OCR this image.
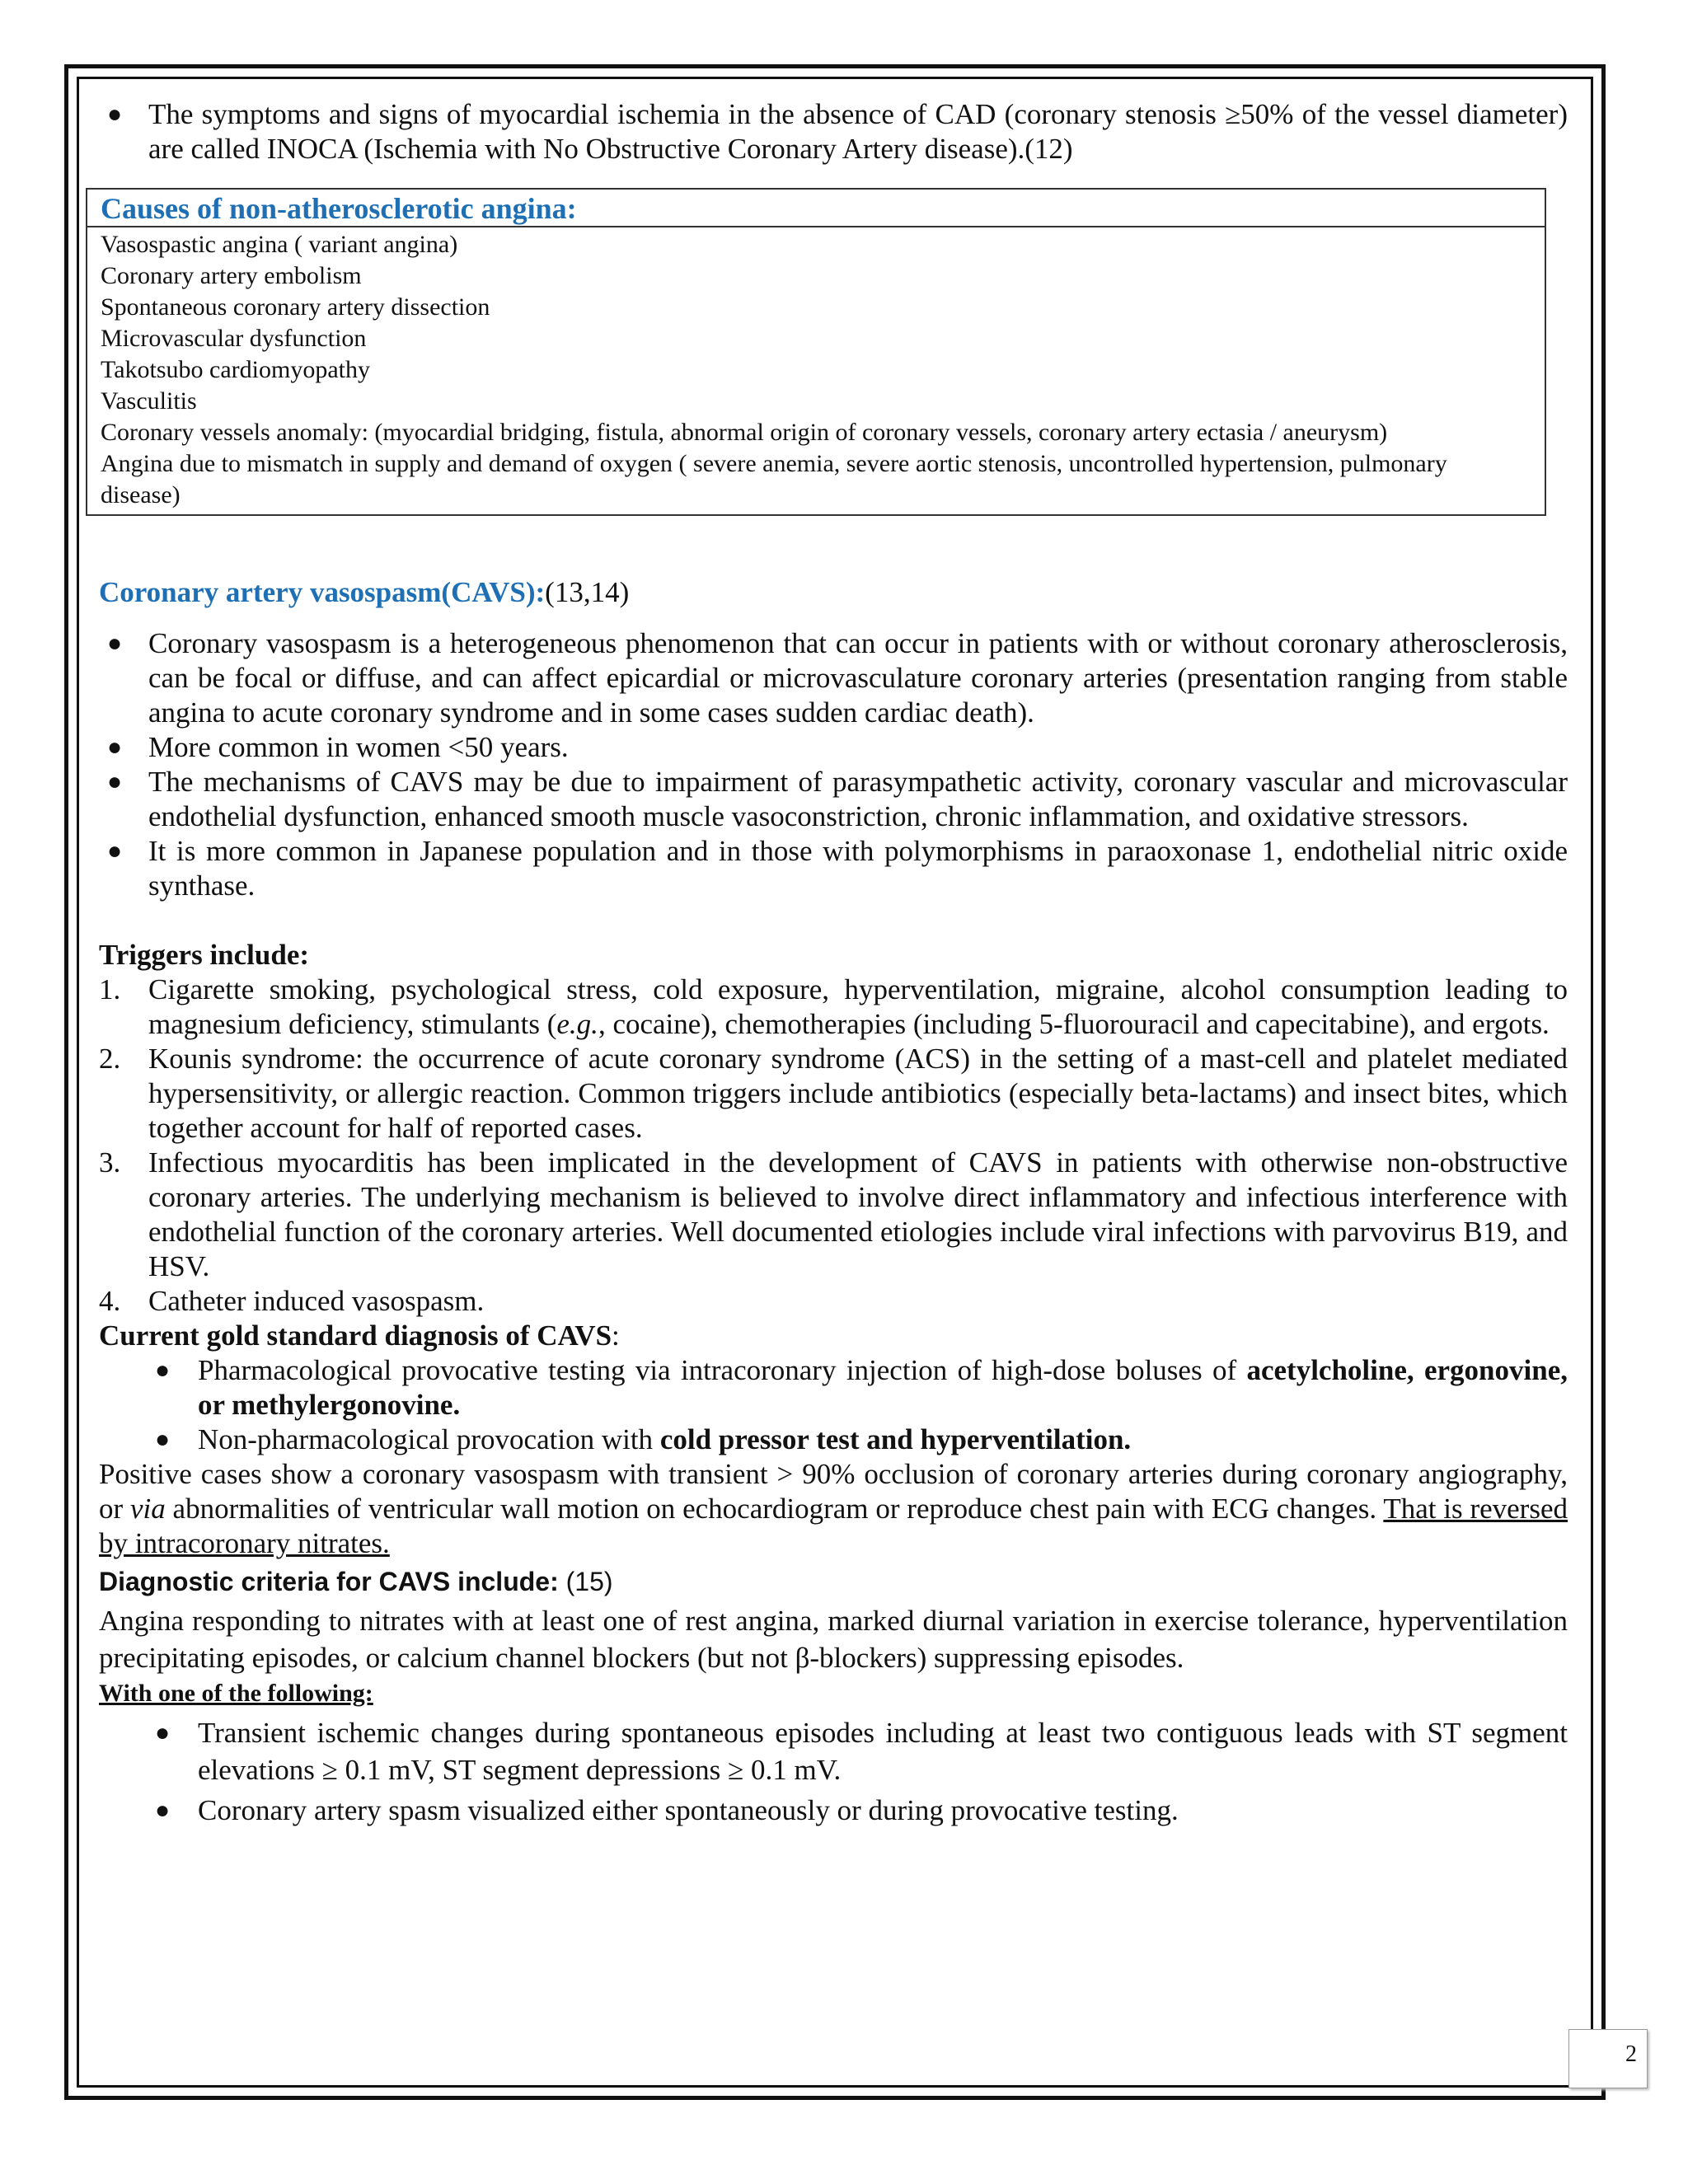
● The symptoms and signs of myocardial ischemia in the absence of CAD (coronary stenosis ≥50% of the vessel diameter) are called INOCA (Ischemia with No Obstructive Coronary Artery disease).(12)
Causes of non-atherosclerotic angina:
Vasospastic angina ( variant angina)
Coronary artery embolism
Spontaneous coronary artery dissection
Microvascular dysfunction
Takotsubo cardiomyopathy
Vasculitis
Coronary vessels anomaly: (myocardial bridging, fistula, abnormal origin of coronary vessels, coronary artery ectasia / aneurysm)
Angina due to mismatch in supply and demand of oxygen ( severe anemia, severe aortic stenosis, uncontrolled hypertension, pulmonary disease)
Coronary artery vasospasm(CAVS):(13,14)
● Coronary vasospasm is a heterogeneous phenomenon that can occur in patients with or without coronary atherosclerosis, can be focal or diffuse, and can affect epicardial or microvasculature coronary arteries (presentation ranging from stable angina to acute coronary syndrome and in some cases sudden cardiac death).
● More common in women <50 years.
● The mechanisms of CAVS may be due to impairment of parasympathetic activity, coronary vascular and microvascular endothelial dysfunction, enhanced smooth muscle vasoconstriction, chronic inflammation, and oxidative stressors.
● It is more common in Japanese population and in those with polymorphisms in paraoxonase 1, endothelial nitric oxide synthase.
Triggers include:
1. Cigarette smoking, psychological stress, cold exposure, hyperventilation, migraine, alcohol consumption leading to magnesium deficiency, stimulants (e.g., cocaine), chemotherapies (including 5-fluorouracil and capecitabine), and ergots.
2. Kounis syndrome: the occurrence of acute coronary syndrome (ACS) in the setting of a mast-cell and platelet mediated hypersensitivity, or allergic reaction. Common triggers include antibiotics (especially beta-lactams) and insect bites, which together account for half of reported cases.
3. Infectious myocarditis has been implicated in the development of CAVS in patients with otherwise non-obstructive coronary arteries. The underlying mechanism is believed to involve direct inflammatory and infectious interference with endothelial function of the coronary arteries. Well documented etiologies include viral infections with parvovirus B19, and HSV.
4. Catheter induced vasospasm.
Current gold standard diagnosis of CAVS:
● Pharmacological provocative testing via intracoronary injection of high-dose boluses of acetylcholine, ergonovine, or methylergonovine.
● Non-pharmacological provocation with cold pressor test and hyperventilation.
Positive cases show a coronary vasospasm with transient > 90% occlusion of coronary arteries during coronary angiography, or via abnormalities of ventricular wall motion on echocardiogram or reproduce chest pain with ECG changes. That is reversed by intracoronary nitrates.
Diagnostic criteria for CAVS include: (15)
Angina responding to nitrates with at least one of rest angina, marked diurnal variation in exercise tolerance, hyperventilation precipitating episodes, or calcium channel blockers (but not β-blockers) suppressing episodes.
With one of the following:
● Transient ischemic changes during spontaneous episodes including at least two contiguous leads with ST segment elevations ≥ 0.1 mV, ST segment depressions ≥ 0.1 mV.
● Coronary artery spasm visualized either spontaneously or during provocative testing.
2
